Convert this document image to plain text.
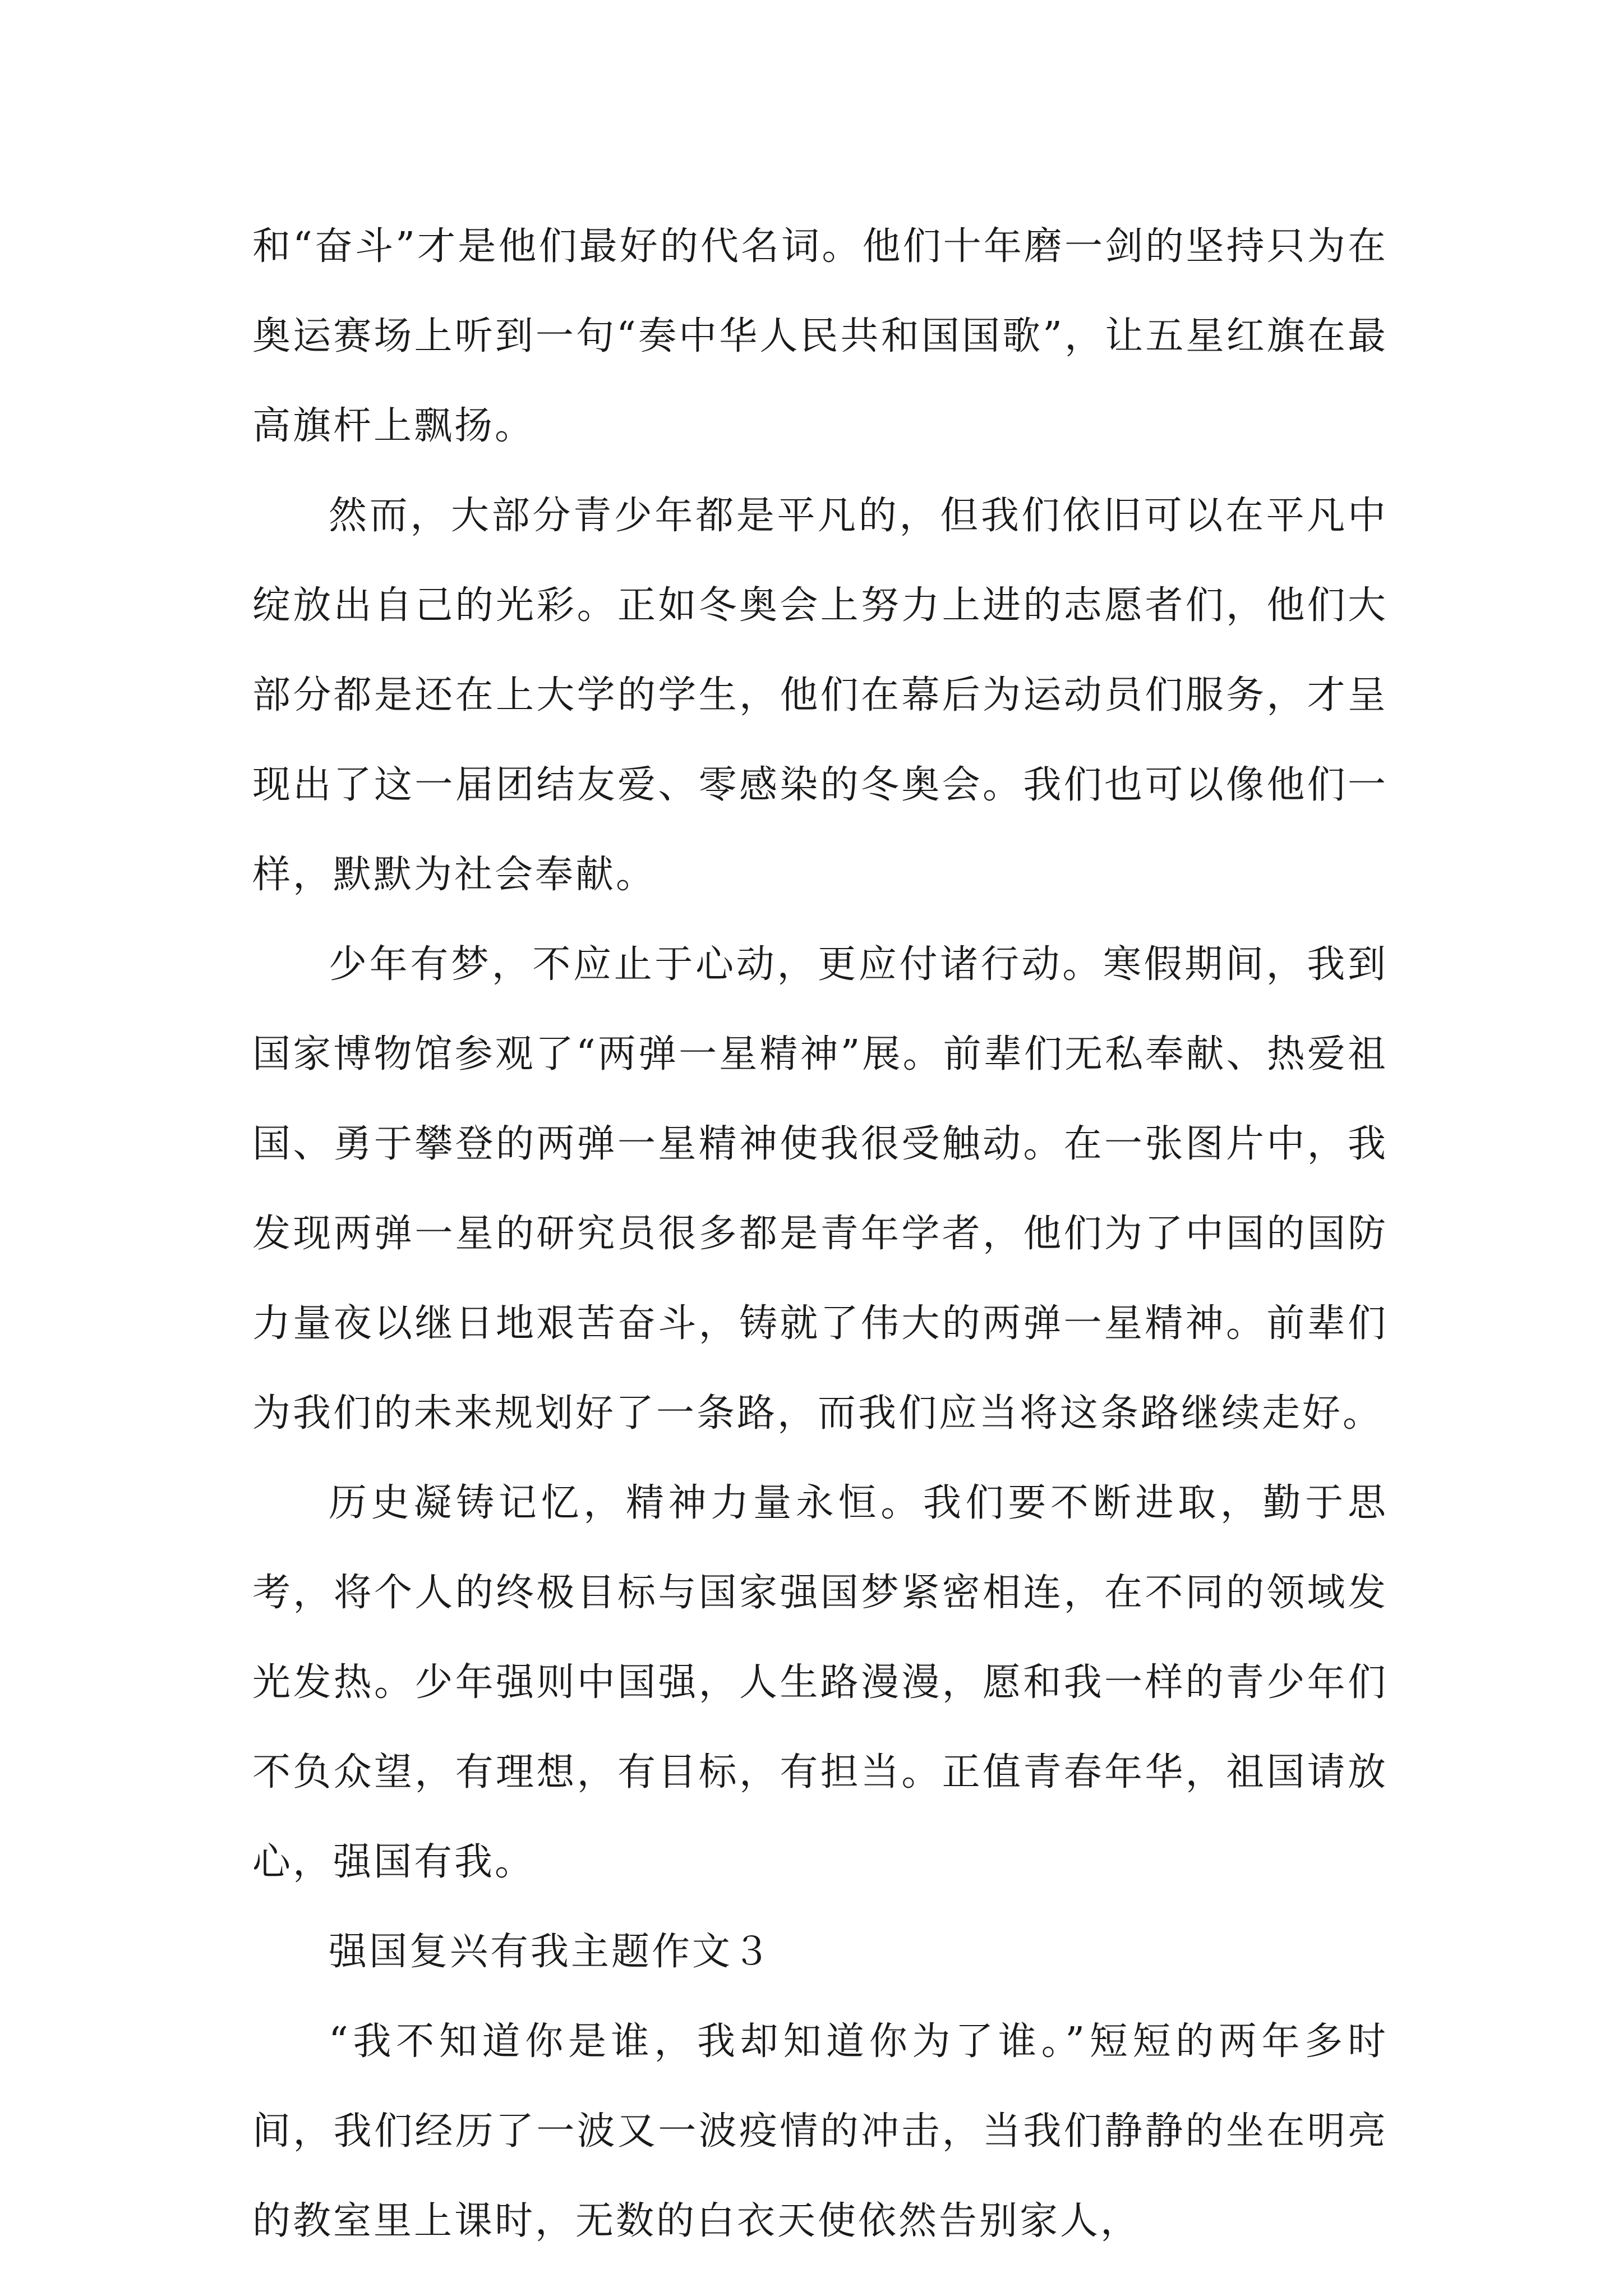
和“奋斗”才是他们最好的代名词。他们十年磨一剑的坚持只为在奥运赛场上听到一句“奏中华人民共和国国歌”，让五星红旗在最高旗杆上飘扬。

然而，大部分青少年都是平凡的，但我们依旧可以在平凡中绽放出自己的光彩。正如冬奥会上努力上进的志愿者们，他们大部分都是还在上大学的学生，他们在幕后为运动员们服务，才呈现出了这一届团结友爱、零感染的冬奥会。我们也可以像他们一样，默默为社会奉献。

少年有梦，不应止于心动，更应付诸行动。寒假期间，我到国家博物馆参观了“两弹一星精神”展。前辈们无私奉献、热爱祖国、勇于攀登的两弹一星精神使我很受触动。在一张图片中，我发现两弹一星的研究员很多都是青年学者，他们为了中国的国防力量夜以继日地艰苦奋斗，铸就了伟大的两弹一星精神。前辈们为我们的未来规划好了一条路，而我们应当将这条路继续走好。

历史凝铸记忆，精神力量永恒。我们要不断进取，勤于思考，将个人的终极目标与国家强国梦紧密相连，在不同的领域发光发热。少年强则中国强，人生路漫漫，愿和我一样的青少年们不负众望，有理想，有目标，有担当。正值青春年华，祖国请放心，强国有我。

强国复兴有我主题作文３

“我不知道你是谁，我却知道你为了谁。”短短的两年多时间，我们经历了一波又一波疫情的冲击，当我们静静的坐在明亮的教室里上课时，无数的白衣天使依然告别家人，
